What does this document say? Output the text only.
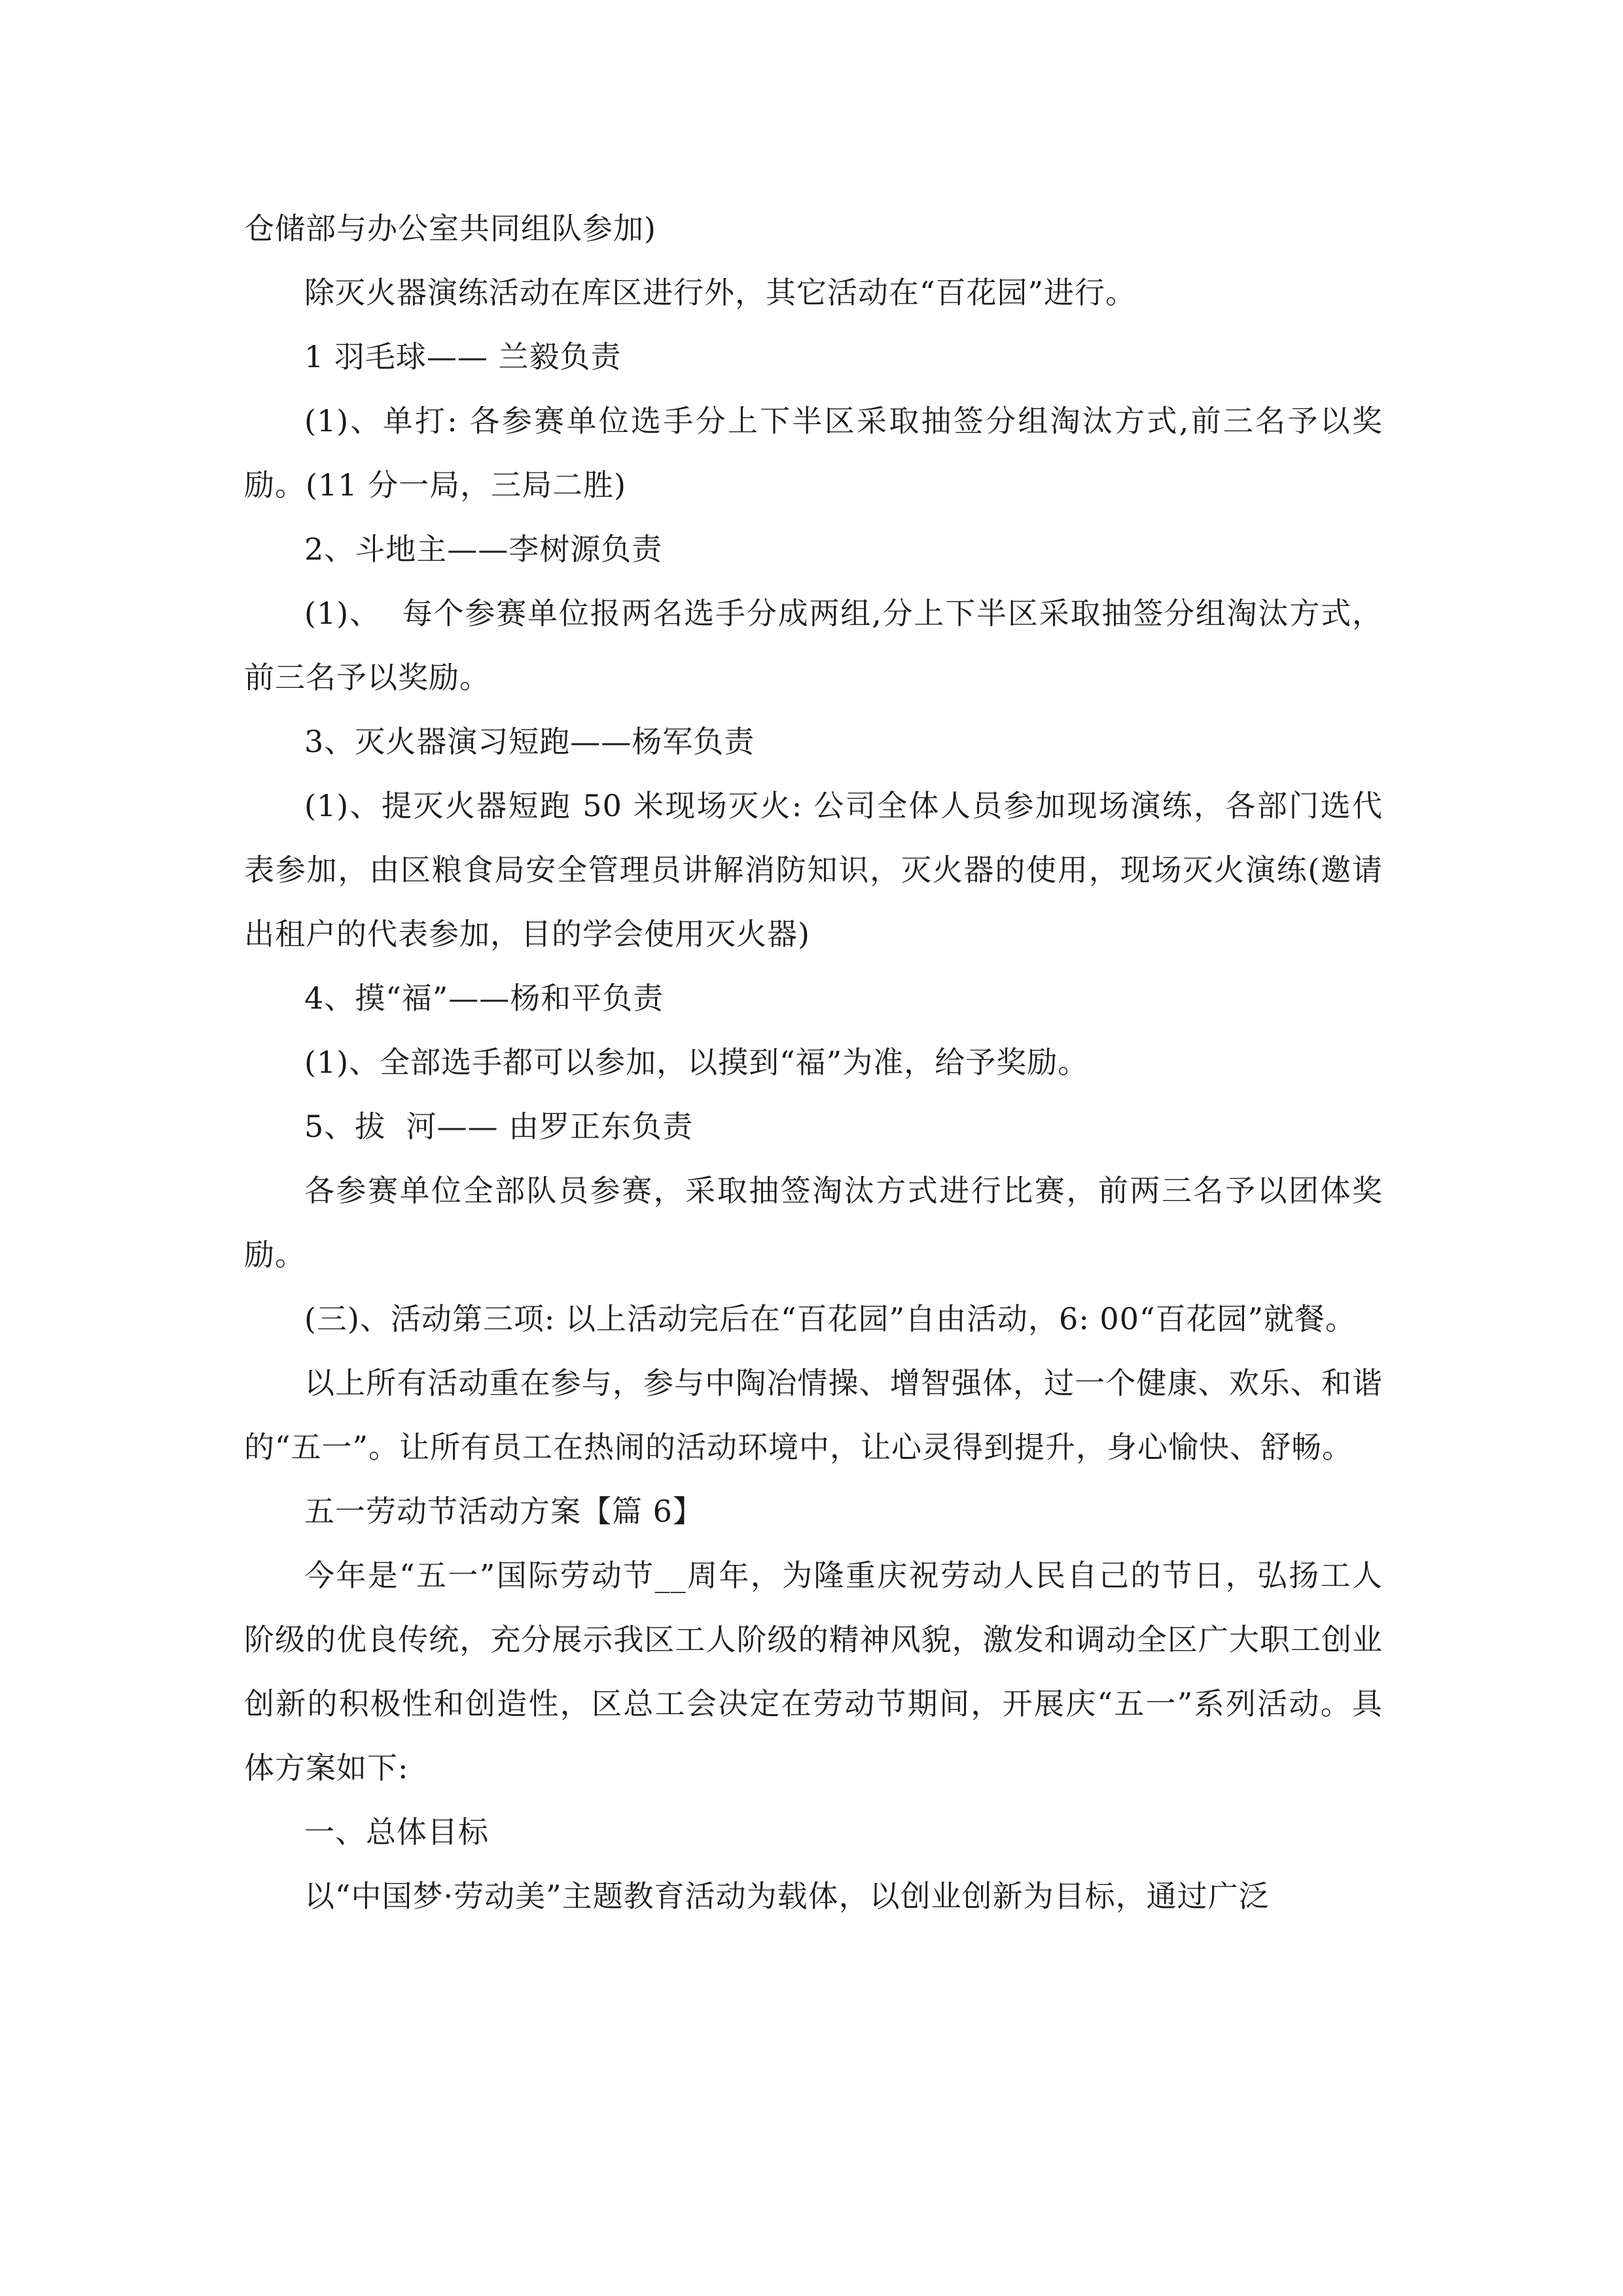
仓储部与办公室共同组队参加)

除灭火器演练活动在库区进行外，其它活动在“百花园”进行。

1 羽毛球—— 兰毅负责

(1)、单打: 各参赛单位选手分上下半区采取抽签分组淘汰方式,前三名予以奖励。(11 分一局，三局二胜)

2、斗地主——李树源负责

(1)、  每个参赛单位报两名选手分成两组,分上下半区采取抽签分组淘汰方式，前三名予以奖励。

3、灭火器演习短跑——杨军负责

(1)、提灭火器短跑 50 米现场灭火: 公司全体人员参加现场演练，各部门选代表参加，由区粮食局安全管理员讲解消防知识，灭火器的使用，现场灭火演练(邀请出租户的代表参加，目的学会使用灭火器)

4、摸“福”——杨和平负责

(1)、全部选手都可以参加，以摸到“福”为准，给予奖励。

5、拔  河—— 由罗正东负责

各参赛单位全部队员参赛，采取抽签淘汰方式进行比赛，前两三名予以团体奖励。

(三)、活动第三项: 以上活动完后在“百花园”自由活动，6: 00“百花园”就餐。

以上所有活动重在参与，参与中陶冶情操、增智强体，过一个健康、欢乐、和谐的“五一”。让所有员工在热闹的活动环境中，让心灵得到提升，身心愉快、舒畅。

五一劳动节活动方案【篇 6】

今年是“五一”国际劳动节__周年，为隆重庆祝劳动人民自己的节日，弘扬工人阶级的优良传统，充分展示我区工人阶级的精神风貌，激发和调动全区广大职工创业创新的积极性和创造性，区总工会决定在劳动节期间，开展庆“五一”系列活动。具体方案如下:

一、总体目标

以“中国梦·劳动美”主题教育活动为载体，以创业创新为目标，通过广泛
